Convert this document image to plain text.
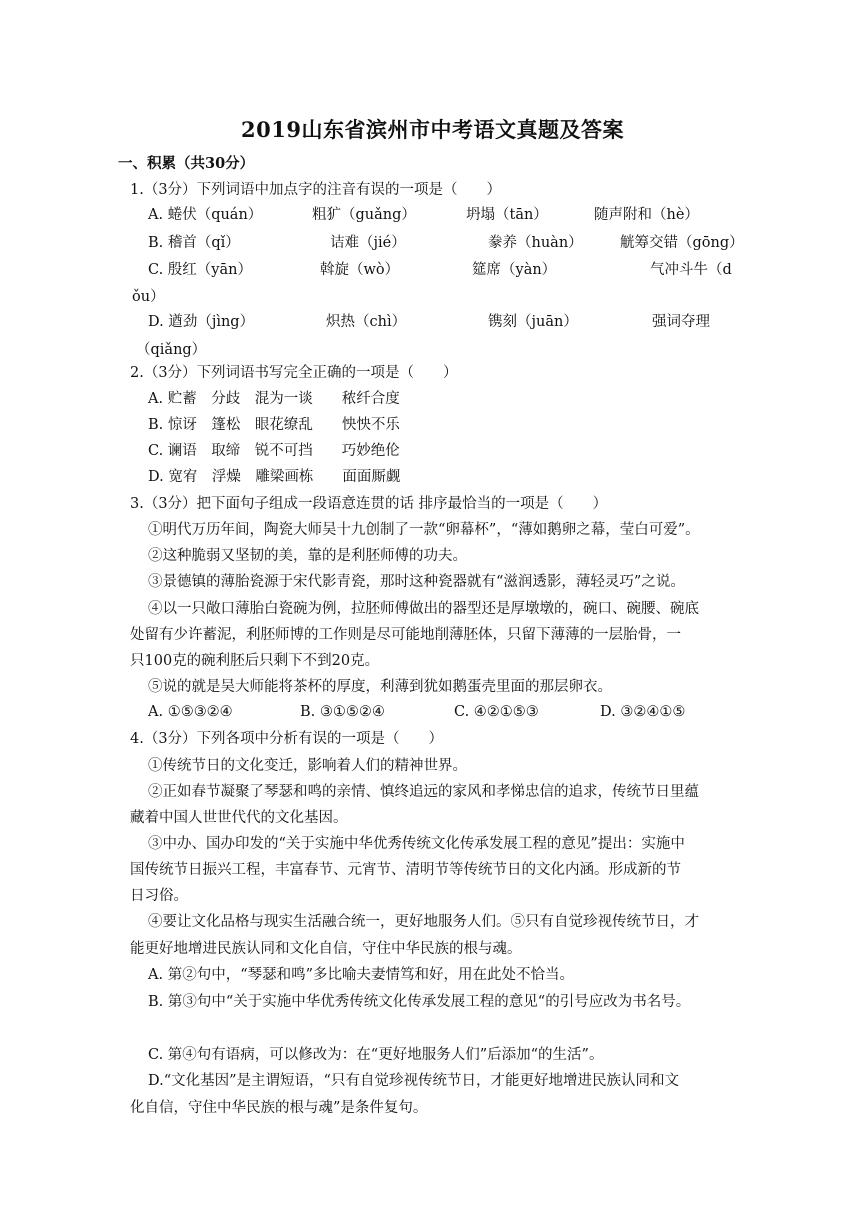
2019山东省滨州市中考语文真题及答案
一、积累（共30分）
1.（3分）下列词语中加点字的注音有误的一项是（　　）
A. 蜷伏（quán）	粗犷（guǎng）	坍塌（tān）	随声附和（hè）
B. 稽首（qǐ）	诘难（jié）	豢养（huàn）	觥筹交错（gōng）
C. 殷红（yān）	斡旋（wò）	筵席（yàn）	气冲斗牛（d
ǒu）
D. 遒劲（jìng）	炽热（chì）	镌刻（juān）	强词夺理
（qiǎng）
2.（3分）下列词语书写完全正确的一项是（　　）
A. 贮蓄　分歧　混为一谈　　秾纤合度
B. 惊讶　篷松　眼花缭乱　　怏怏不乐
C. 谰语　取缔　锐不可挡　　巧妙绝伦
D. 宽宥　浮燥　雕梁画栋　　面面厮觑
3.（3分）把下面句子组成一段语意连贯的话 排序最恰当的一项是（　　）
①明代万历年间，陶瓷大师吴十九创制了一款“卵幕杯”，“薄如鹅卵之幕，莹白可爱”。
②这种脆弱又坚韧的美，靠的是利胚师傅的功夫。
③景德镇的薄胎瓷源于宋代影青瓷，那时这种瓷器就有“滋润透影，薄轻灵巧”之说。
④以一只敞口薄胎白瓷碗为例，拉胚师傅做出的器型还是厚墩墩的，碗口、碗腰、碗底
处留有少许蓄泥，利胚师博的工作则是尽可能地削薄胚体，只留下薄薄的一层胎骨，一
只100克的碗利胚后只剩下不到20克。
⑤说的就是吴大师能将茶杯的厚度，利薄到犹如鹅蛋壳里面的那层卵衣。
A. ①⑤③②④	B. ③①⑤②④	C. ④②①⑤③	D. ③②④①⑤
4.（3分）下列各项中分析有误的一项是（　　）
①传统节日的文化变迁，影响着人们的精神世界。
②正如春节凝聚了琴瑟和鸣的亲情、慎终追远的家风和孝悌忠信的追求，传统节日里蕴
藏着中国人世世代代的文化基因。
③中办、国办印发的“关于实施中华优秀传统文化传承发展工程的意见”提出：实施中
国传统节日振兴工程，丰富春节、元宵节、清明节等传统节日的文化内涵。形成新的节
日习俗。
④要让文化品格与现实生活融合统一，更好地服务人们。⑤只有自觉珍视传统节日，才
能更好地增进民族认同和文化自信，守住中华民族的根与魂。
A. 第②句中，“琴瑟和鸣”多比喻夫妻情笃和好，用在此处不恰当。
B. 第③句中“关于实施中华优秀传统文化传承发展工程的意见“的引号应改为书名号。
C. 第④句有语病，可以修改为：在“更好地服务人们”后添加“的生活”。
D.“文化基因”是主谓短语，“只有自觉珍视传统节日，才能更好地增进民族认同和文
化自信，守住中华民族的根与魂”是条件复句。
